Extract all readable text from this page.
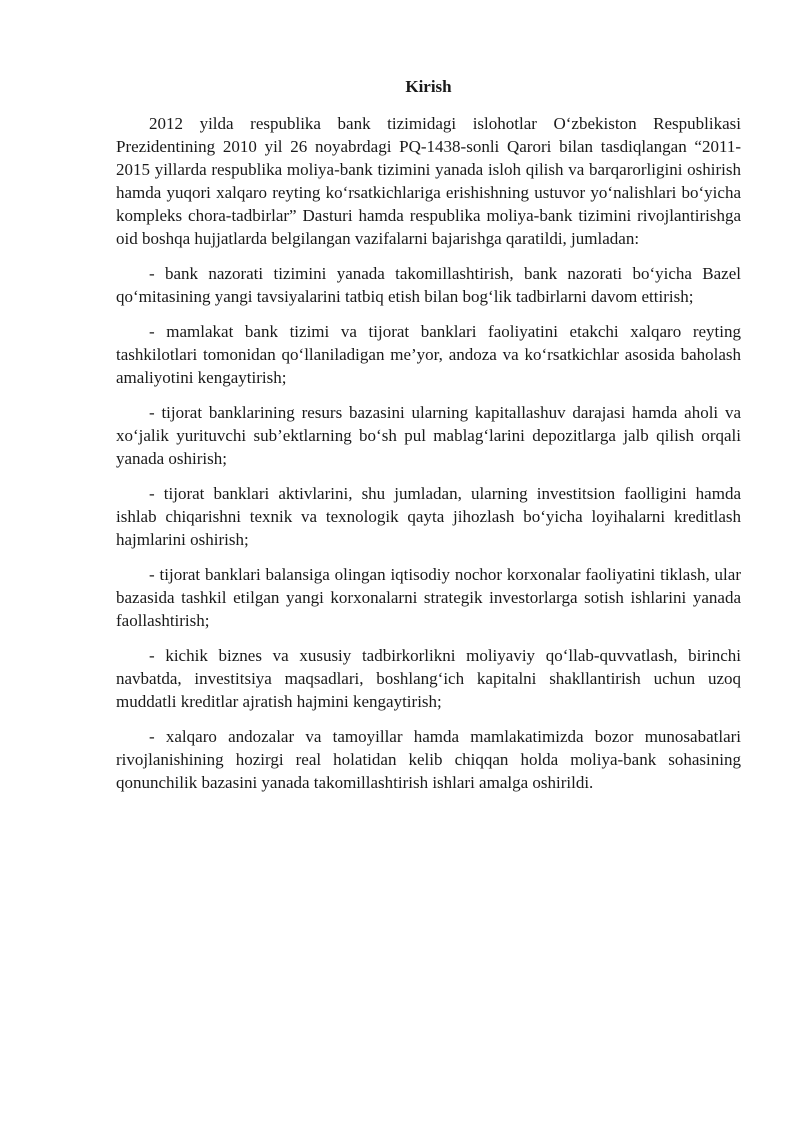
Kirish

2012 yilda respublika bank tizimidagi islohotlar O‘zbekiston Respublikasi Prezidentining 2010 yil 26 noyabrdagi PQ-1438-sonli Qarori bilan tasdiqlangan “2011-2015 yillarda respublika moliya-bank tizimini yanada isloh qilish va barqarorligini oshirish hamda yuqori xalqaro reyting ko‘rsatkichlariga erishishning ustuvor yo‘nalishlari bo‘yicha kompleks chora-tadbirlar” Dasturi hamda respublika moliya-bank tizimini rivojlantirishga oid boshqa hujjatlarda belgilangan vazifalarni bajarishga qaratildi, jumladan:

- bank nazorati tizimini yanada takomillashtirish, bank nazorati bo‘yicha Bazel qo‘mitasining yangi tavsiyalarini tatbiq etish bilan bog‘lik tadbirlarni davom ettirish;

- mamlakat bank tizimi va tijorat banklari faoliyatini etakchi xalqaro reyting tashkilotlari tomonidan qo‘llaniladigan me’yor, andoza va ko‘rsatkichlar asosida baholash amaliyotini kengaytirish;

- tijorat banklarining resurs bazasini ularning kapitallashuv darajasi hamda aholi va xo‘jalik yurituvchi sub’ektlarning bo‘sh pul mablag‘larini depozitlarga jalb qilish orqali yanada oshirish;

- tijorat banklari aktivlarini, shu jumladan, ularning investitsion faolligini hamda ishlab chiqarishni texnik va texnologik qayta jihozlash bo‘yicha loyihalarni kreditlash hajmlarini oshirish;

- tijorat banklari balansiga olingan iqtisodiy nochor korxonalar faoliyatini tiklash, ular bazasida tashkil etilgan yangi korxonalarni strategik investorlarga sotish ishlarini yanada faollashtirish;

- kichik biznes va xususiy tadbirkorlikni moliyaviy qo‘llab-quvvatlash, birinchi navbatda, investitsiya maqsadlari, boshlang‘ich kapitalni shakllantirish uchun uzoq muddatli kreditlar ajratish hajmini kengaytirish;

- xalqaro andozalar va tamoyillar hamda mamlakatimizda bozor munosabatlari rivojlanishining hozirgi real holatidan kelib chiqqan holda moliya-bank sohasining qonunchilik bazasini yanada takomillashtirish ishlari amalga oshirildi.
